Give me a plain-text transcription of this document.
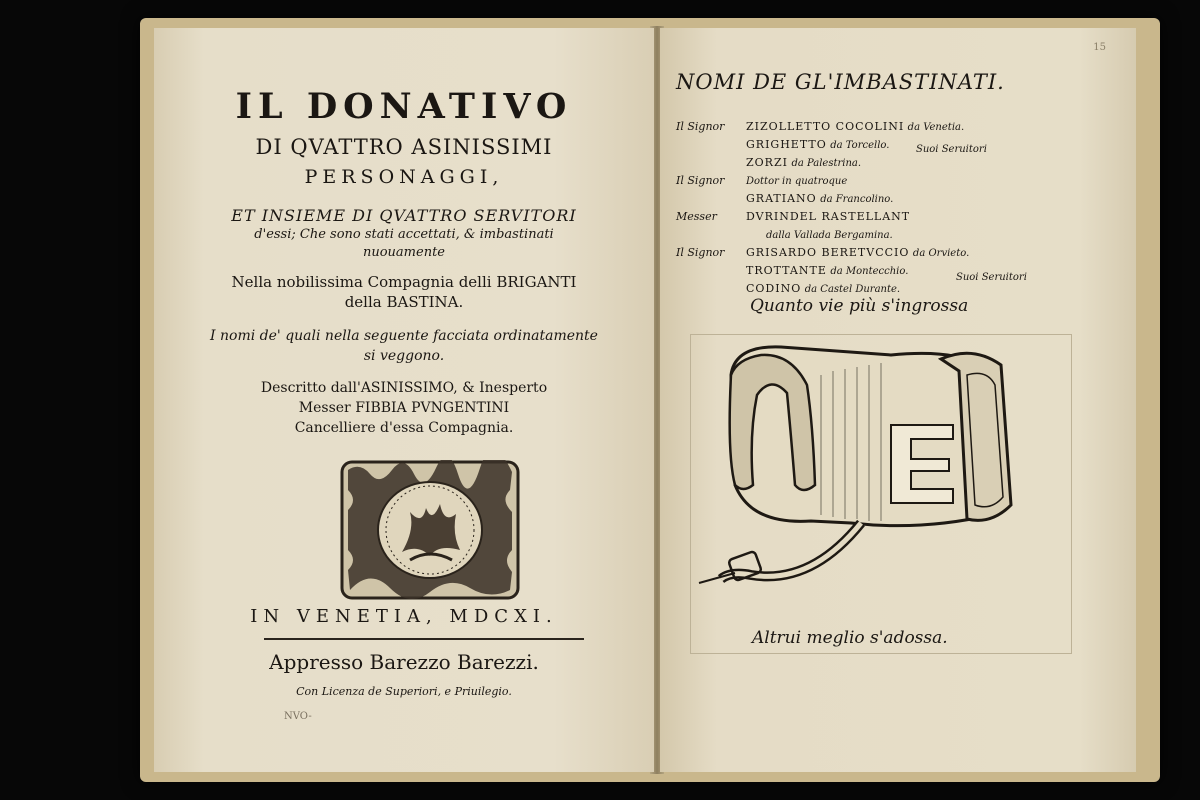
IL DONATIVO
DI QVATTRO ASINISSIMI
PERSONAGGI,
ET INSIEME DI QVATTRO SERVITORI
d'essi; Che sono stati accettati, & imbastinati
nuouamente
Nella nobilissima Compagnia delli BRIGANTI
della BASTINA.
I nomi de' quali nella seguente facciata ordinatamente
si veggono.
Descritto dall'ASINISSIMO, & Inesperto
Messer FIBBIA PVNGENTINI
Cancelliere d'essa Compagnia.
IN VENETIA, MDCXI.
Appresso Barezzo Barezzi.
Con Licenza de Superiori, e Priuilegio.
NVO-
15
NOMI DE GL'IMBASTINATI.
Il Signor ZIZOLLETTO COCOLINI da Venetia.
GRIGHETTO da Torcello.	Suoi Seruitori
ZORZI da Palestrina.
Il Signor Dottor in quatroque
GRATIANO da Francolino.
Messer	DVRINDEL RASTELLANT
dalla Vallada Bergamina.
Il Signor GRISARDO BERETVCCIO da Orvieto.
TROTTANTE da Montecchio.
Suoi Seruitori
CODINO da Castel Durante.
Quanto vie più s'ingrossa
Altrui meglio s'adossa.
